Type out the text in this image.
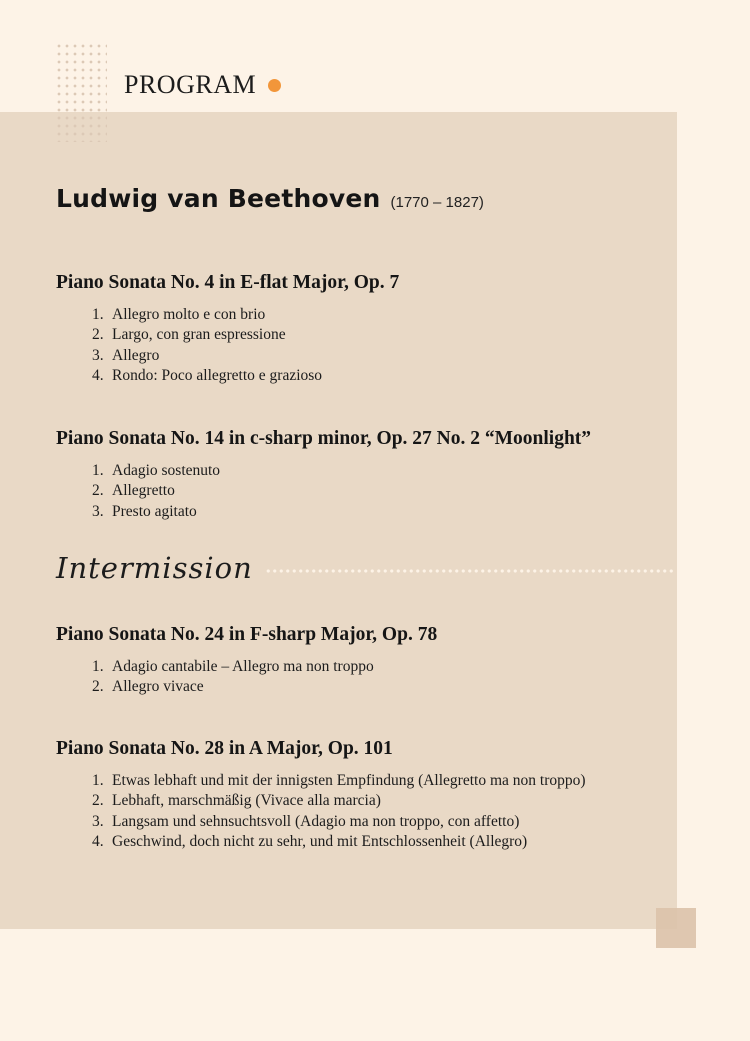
PROGRAM
Ludwig van Beethoven (1770 – 1827)
Piano Sonata No. 4 in E-flat Major, Op. 7
1. Allegro molto e con brio
2. Largo, con gran espressione
3. Allegro
4. Rondo: Poco allegretto e grazioso
Piano Sonata No. 14 in c-sharp minor, Op. 27 No. 2 “Moonlight”
1. Adagio sostenuto
2. Allegretto
3. Presto agitato
Intermission
Piano Sonata No. 24 in F-sharp Major, Op. 78
1. Adagio cantabile – Allegro ma non troppo
2. Allegro vivace
Piano Sonata No. 28 in A Major, Op. 101
1. Etwas lebhaft und mit der innigsten Empfindung (Allegretto ma non troppo)
2. Lebhaft, marschmäßig (Vivace alla marcia)
3. Langsam und sehnsuchtsvoll (Adagio ma non troppo, con affetto)
4. Geschwind, doch nicht zu sehr, und mit Entschlossenheit (Allegro)
